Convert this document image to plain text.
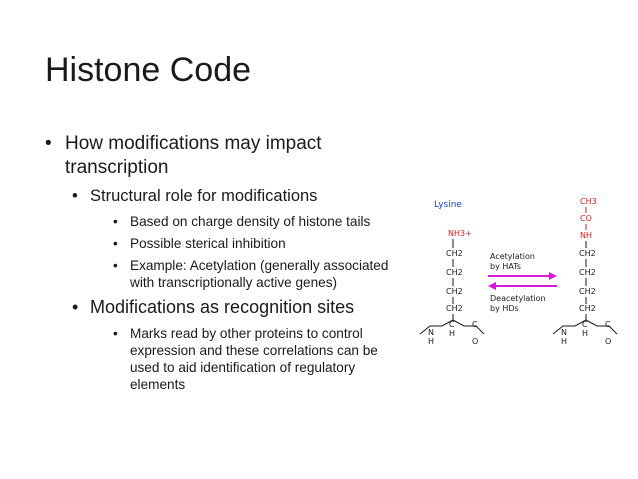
Histone Code
• How modifications may impact transcription
• Structural role for modifications
• Based on charge density of histone tails
• Possible sterical inhibition
• Example: Acetylation (generally associated with transcriptionally active genes)
• Modifications as recognition sites
• Marks read by other proteins to control expression and these correlations can be used to aid identification of regulatory elements
Lysine
NH3+
CH2
CH2
CH2
CH2
N
H
C
H
C
O
Acetylation
by HATs
Deacetylation
by HDs
CH3
CO
NH
CH2
CH2
CH2
CH2
N
H
C
H
C
O
